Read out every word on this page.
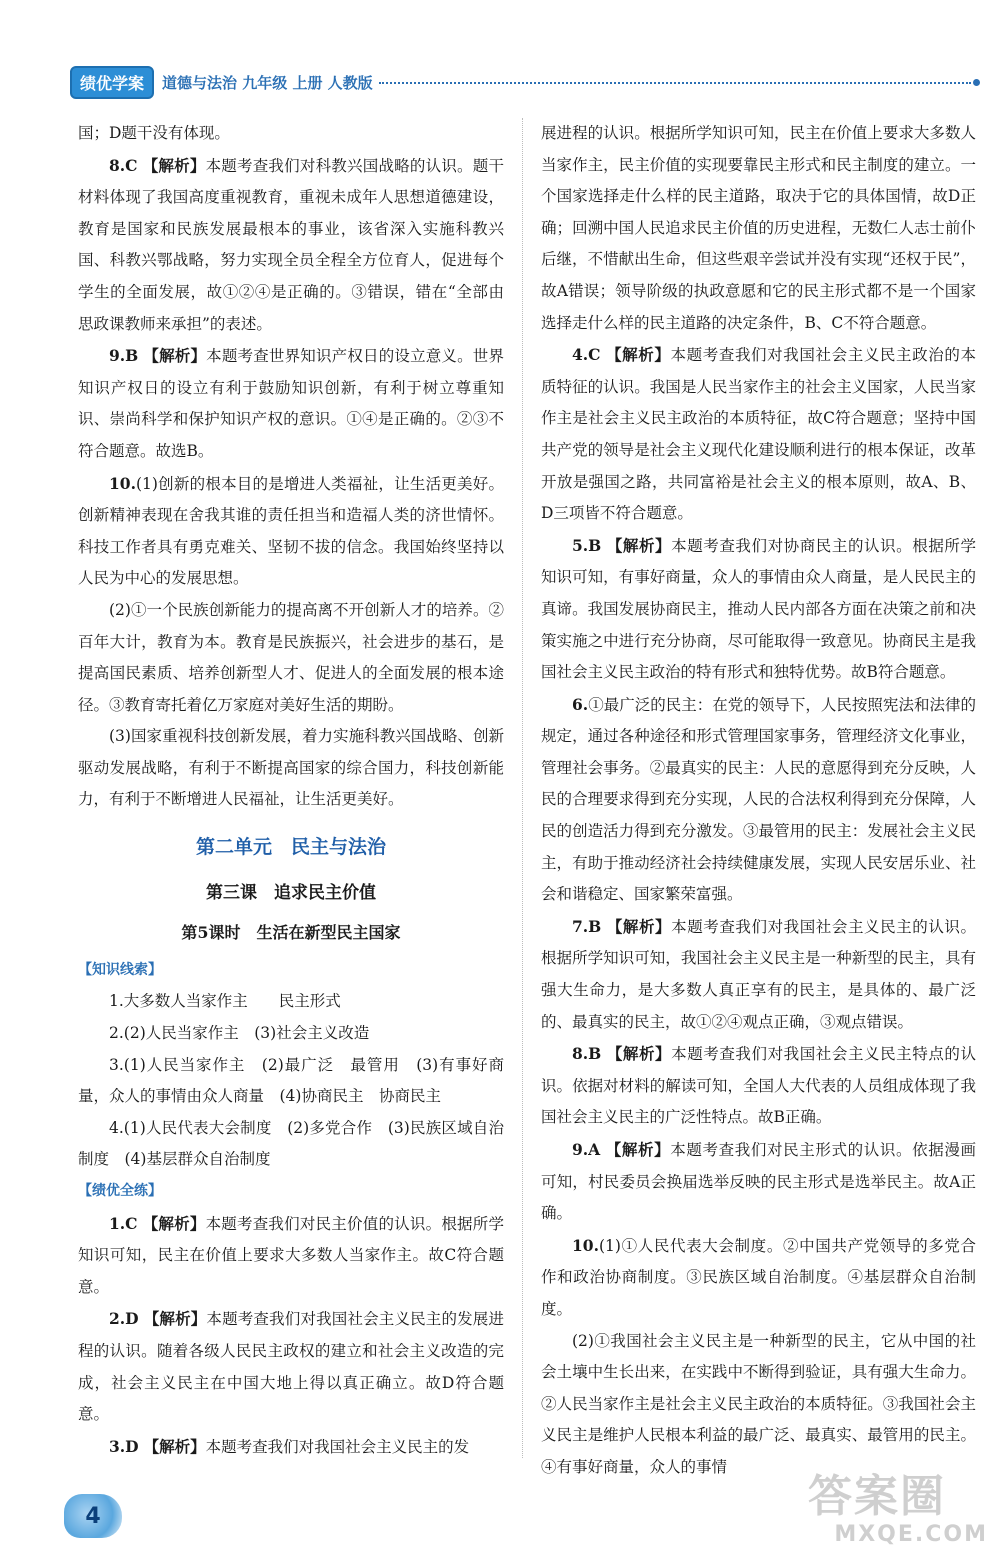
绩优学案	道德与法治 九年级 上册 人教版

国；D题干没有体现。

8.C 【解析】本题考查我们对科教兴国战略的认识。题干材料体现了我国高度重视教育，重视未成年人思想道德建设，教育是国家和民族发展最根本的事业，该省深入实施科教兴国、科教兴鄂战略，努力实现全员全程全方位育人，促进每个学生的全面发展，故①②④是正确的。③错误，错在“全部由思政课教师来承担”的表述。

9.B 【解析】本题考查世界知识产权日的设立意义。世界知识产权日的设立有利于鼓励知识创新，有利于树立尊重知识、崇尚科学和保护知识产权的意识。①④是正确的。②③不符合题意。故选B。

10.(1)创新的根本目的是增进人类福祉，让生活更美好。创新精神表现在舍我其谁的责任担当和造福人类的济世情怀。科技工作者具有勇克难关、坚韧不拔的信念。我国始终坚持以人民为中心的发展思想。

(2)①一个民族创新能力的提高离不开创新人才的培养。②百年大计，教育为本。教育是民族振兴，社会进步的基石，是提高国民素质、培养创新型人才、促进人的全面发展的根本途径。③教育寄托着亿万家庭对美好生活的期盼。

(3)国家重视科技创新发展，着力实施科教兴国战略、创新驱动发展战略，有利于不断提高国家的综合国力，科技创新能力，有利于不断增进人民福祉，让生活更美好。

第二单元　民主与法治
第三课　追求民主价值
第5课时　生活在新型民主国家

【知识线索】

1.大多数人当家作主　　民主形式

2.(2)人民当家作主　(3)社会主义改造

3.(1)人民当家作主　(2)最广泛　最管用　(3)有事好商量，众人的事情由众人商量　(4)协商民主　协商民主

4.(1)人民代表大会制度　(2)多党合作　(3)民族区域自治制度　(4)基层群众自治制度

【绩优全练】

1.C 【解析】本题考查我们对民主价值的认识。根据所学知识可知，民主在价值上要求大多数人当家作主。故C符合题意。

2.D 【解析】本题考查我们对我国社会主义民主的发展进程的认识。随着各级人民民主政权的建立和社会主义改造的完成，社会主义民主在中国大地上得以真正确立。故D符合题意。

3.D 【解析】本题考查我们对我国社会主义民主的发

展进程的认识。根据所学知识可知，民主在价值上要求大多数人当家作主，民主价值的实现要靠民主形式和民主制度的建立。一个国家选择走什么样的民主道路，取决于它的具体国情，故D正确；回溯中国人民追求民主价值的历史进程，无数仁人志士前仆后继，不惜献出生命，但这些艰辛尝试并没有实现“还权于民”，故A错误；领导阶级的执政意愿和它的民主形式都不是一个国家选择走什么样的民主道路的决定条件，B、C不符合题意。

4.C 【解析】本题考查我们对我国社会主义民主政治的本质特征的认识。我国是人民当家作主的社会主义国家，人民当家作主是社会主义民主政治的本质特征，故C符合题意；坚持中国共产党的领导是社会主义现代化建设顺利进行的根本保证，改革开放是强国之路，共同富裕是社会主义的根本原则，故A、B、D三项皆不符合题意。

5.B 【解析】本题考查我们对协商民主的认识。根据所学知识可知，有事好商量，众人的事情由众人商量，是人民民主的真谛。我国发展协商民主，推动人民内部各方面在决策之前和决策实施之中进行充分协商，尽可能取得一致意见。协商民主是我国社会主义民主政治的特有形式和独特优势。故B符合题意。

6.①最广泛的民主：在党的领导下，人民按照宪法和法律的规定，通过各种途径和形式管理国家事务，管理经济文化事业，管理社会事务。②最真实的民主：人民的意愿得到充分反映，人民的合理要求得到充分实现，人民的合法权利得到充分保障，人民的创造活力得到充分激发。③最管用的民主：发展社会主义民主，有助于推动经济社会持续健康发展，实现人民安居乐业、社会和谐稳定、国家繁荣富强。

7.B 【解析】本题考查我们对我国社会主义民主的认识。根据所学知识可知，我国社会主义民主是一种新型的民主，具有强大生命力，是大多数人真正享有的民主，是具体的、最广泛的、最真实的民主，故①②④观点正确，③观点错误。

8.B 【解析】本题考查我们对我国社会主义民主特点的认识。依据对材料的解读可知，全国人大代表的人员组成体现了我国社会主义民主的广泛性特点。故B正确。

9.A 【解析】本题考查我们对民主形式的认识。依据漫画可知，村民委员会换届选举反映的民主形式是选举民主。故A正确。

10.(1)①人民代表大会制度。②中国共产党领导的多党合作和政治协商制度。③民族区域自治制度。④基层群众自治制度。

(2)①我国社会主义民主是一种新型的民主，它从中国的社会土壤中生长出来，在实践中不断得到验证，具有强大生命力。②人民当家作主是社会主义民主政治的本质特征。③我国社会主义民主是维护人民根本利益的最广泛、最真实、最管用的民主。④有事好商量，众人的事情

4	答案圈
MXQE.COM
